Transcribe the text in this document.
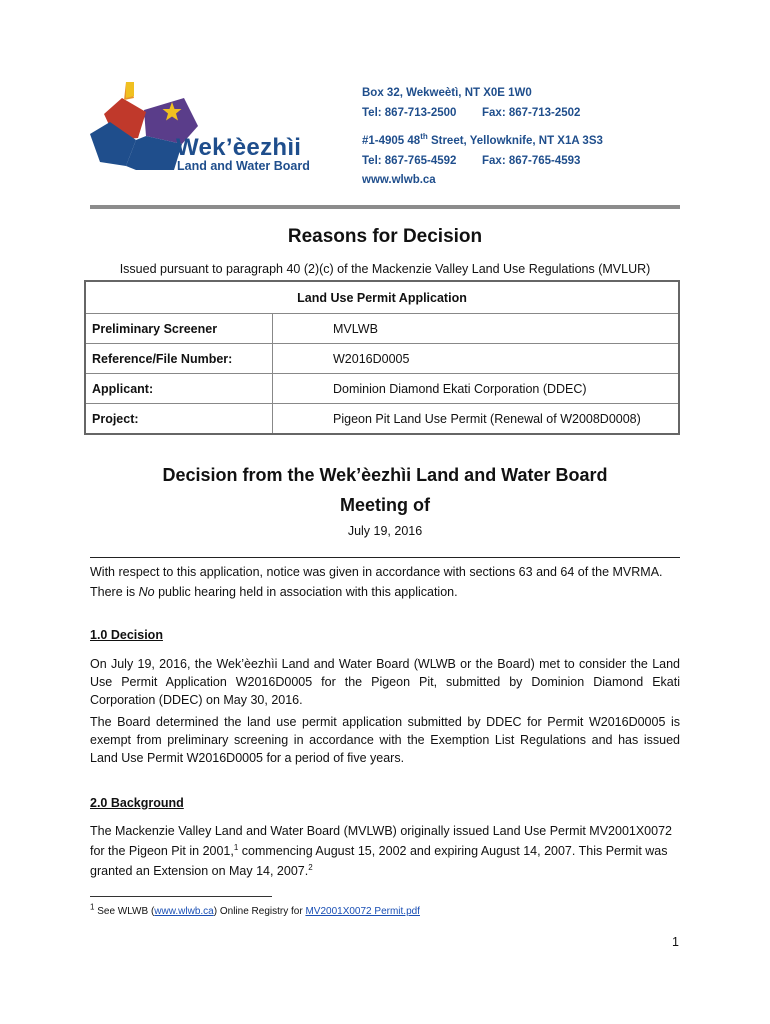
Wek’èezhìi
Land and Water Board
Box 32, Wekweètì, NT X0E 1W0
Tel: 867-713-2500 Fax: 867-713-2502
#1-4905 48th Street, Yellowknife, NT X1A 3S3
Tel: 867-765-4592 Fax: 867-765-4593
www.wlwb.ca
Reasons for Decision
Issued pursuant to paragraph 40 (2)(c) of the Mackenzie Valley Land Use Regulations (MVLUR)
Land Use Permit Application	
Preliminary Screener	MVLWB
Reference/File Number:	W2016D0005
Applicant:	Dominion Diamond Ekati Corporation (DDEC)
Project:	Pigeon Pit Land Use Permit (Renewal of W2008D0008)
Decision from the Wek’èezhìi Land and Water Board
Meeting of
July 19, 2016
With respect to this application, notice was given in accordance with sections 63 and 64 of the MVRMA.
There is No public hearing held in association with this application.
1.0 Decision
On July 19, 2016, the Wek’èezhìi Land and Water Board (WLWB or the Board) met to consider the Land Use Permit Application W2016D0005 for the Pigeon Pit, submitted by Dominion Diamond Ekati Corporation (DDEC) on May 30, 2016.
The Board determined the land use permit application submitted by DDEC for Permit W2016D0005 is exempt from preliminary screening in accordance with the Exemption List Regulations and has issued Land Use Permit W2016D0005 for a period of five years.
2.0 Background
The Mackenzie Valley Land and Water Board (MVLWB) originally issued Land Use Permit MV2001X0072
for the Pigeon Pit in 2001,$^1$ commencing August 15, 2002 and expiring August 14, 2007. This Permit was
granted an Extension on May 14, 2007.$^2$
$^1$ See WLWB (www.wlwb.ca) Online Registry for MV2001X0072 Permit.pdf
1
